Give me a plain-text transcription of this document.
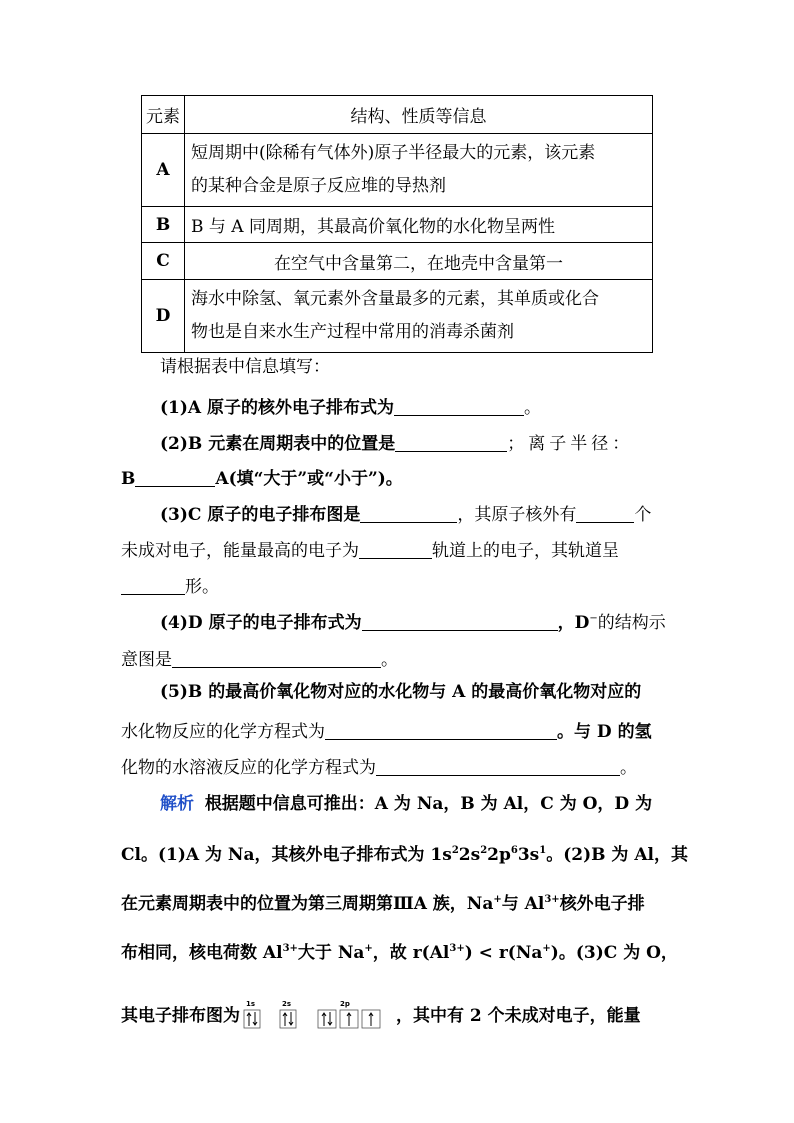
元素	结构、性质等信息
A	短周期中(除稀有气体外)原子半径最大的元素，该元素
的某种合金是原子反应堆的导热剂
B	B 与 A 同周期，其最高价氧化物的水化物呈两性
C	在空气中含量第二，在地壳中含量第一
D	海水中除氢、氧元素外含量最多的元素，其单质或化合
物也是自来水生产过程中常用的消毒杀菌剂
请根据表中信息填写：
(1)A 原子的核外电子排布式为	。
(2)B 元素在周期表中的位置是	；离子半径：
B	A(填“大于”或“小于”)。
(3)C 原子的电子排布图是	，其原子核外有	个
未成对电子，能量最高的电子为	轨道上的电子，其轨道呈
形。
(4)D 原子的电子排布式为	，D−的结构示
意图是	。
(5)B 的最高价氧化物对应的水化物与 A 的最高价氧化物对应的
水化物反应的化学方程式为	。与 D 的氢
化物的水溶液反应的化学方程式为	。
解析 根据题中信息可推出：A 为 Na，B 为 Al，C 为 O，D 为
Cl。(1)A 为 Na，其核外电子排布式为 $1s^22s^22p^63s^1$。(2)B 为 Al，其
在元素周期表中的位置为第三周期第ⅢA 族，Na+与 $Al^{3+}$核外电子排
布相同，核电荷数 $Al^{3+}$大于 Na+，故 $r(Al^{3+}) < r(Na^+)$。(3)C 为 O，
其电子排布图为
1s	2s	2p
，其中有 2 个未成对电子，能量
